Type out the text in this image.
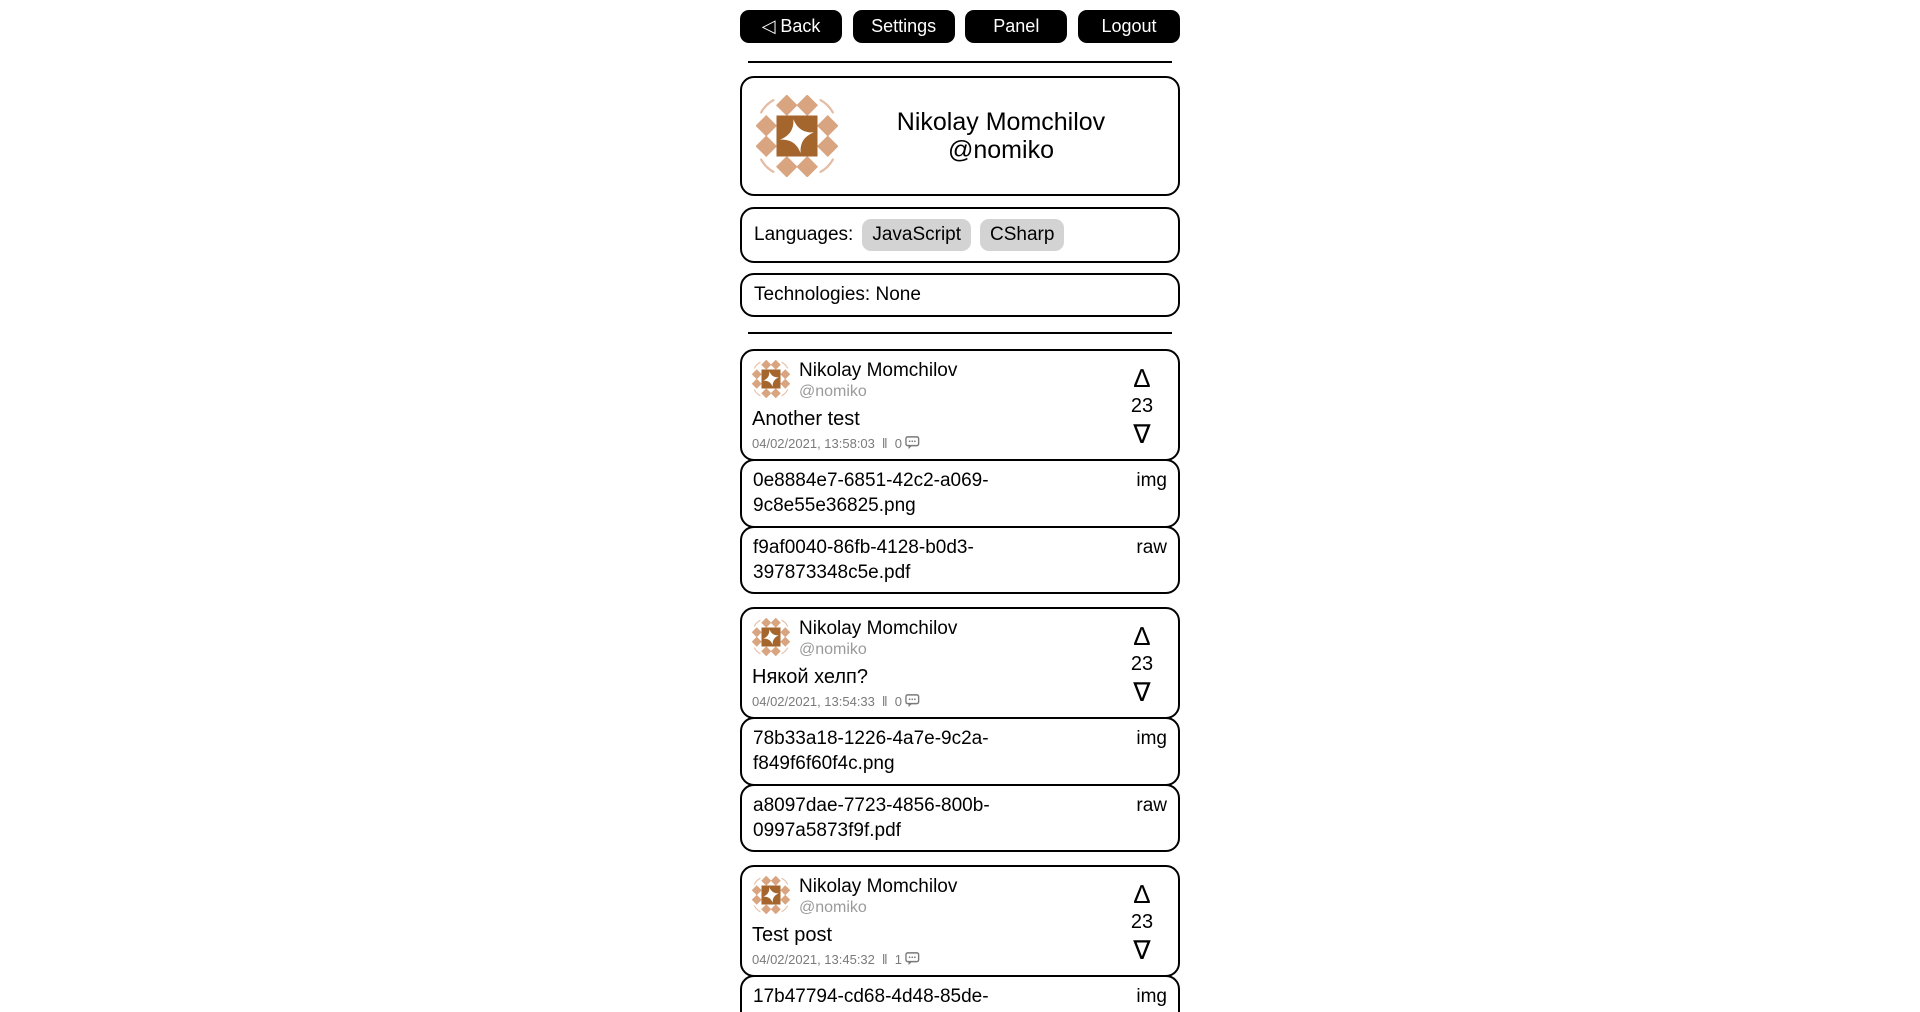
◁ Back	Settings	Panel	Logout
Nikolay Momchilov
@nomiko
Languages:	JavaScript	CSharp
Technologies: None
Nikolay Momchilov
@nomiko
Another test
04/02/2021, 13:58:03 ‖ 0
∆
23
∇
0e8884e7-6851-42c2-a069-9c8e55e36825.png
img
f9af0040-86fb-4128-b0d3-397873348c5e.pdf
raw
Nikolay Momchilov
@nomiko
Някой хелп?
04/02/2021, 13:54:33 ‖ 0
∆
23
∇
78b33a18-1226-4a7e-9c2a-f849f6f60f4c.png
img
a8097dae-7723-4856-800b-0997a5873f9f.pdf
raw
Nikolay Momchilov
@nomiko
Test post
04/02/2021, 13:45:32 ‖ 1
∆
23
∇
17b47794-cd68-4d48-85de-	img
